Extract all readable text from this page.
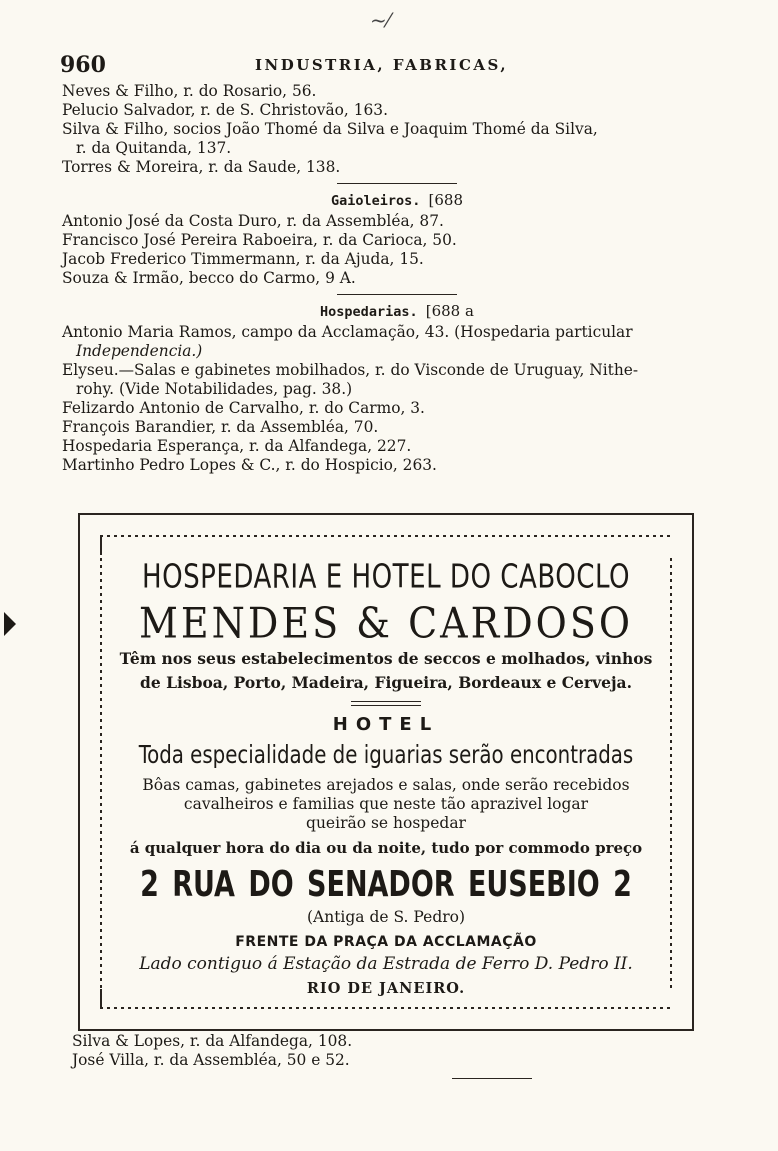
~⁄
960	INDUSTRIA, FABRICAS,
Neves & Filho, r. do Rosario, 56.
Pelucio Salvador, r. de S. Christovão, 163.
Silva & Filho, socios João Thomé da Silva e Joaquim Thomé da Silva,
r. da Quitanda, 137.
Torres & Moreira, r. da Saude, 138.
Gaioleiros. [688
Antonio José da Costa Duro, r. da Assembléa, 87.
Francisco José Pereira Raboeira, r. da Carioca, 50.
Jacob Frederico Timmermann, r. da Ajuda, 15.
Souza & Irmão, becco do Carmo, 9 A.
Hospedarias. [688 a
Antonio Maria Ramos, campo da Acclamação, 43. (Hospedaria particular
Independencia.)
Elyseu.—Salas e gabinetes mobilhados, r. do Visconde de Uruguay, Nithe-
rohy. (Vide Notabilidades, pag. 38.)
Felizardo Antonio de Carvalho, r. do Carmo, 3.
François Barandier, r. da Assembléa, 70.
Hospedaria Esperança, r. da Alfandega, 227.
Martinho Pedro Lopes & C., r. do Hospicio, 263.
HOSPEDARIA E HOTEL DO CABOCLO
MENDES & CARDOSO
Têm nos seus estabelecimentos de seccos e molhados, vinhos
de Lisboa, Porto, Madeira, Figueira, Bordeaux e Cerveja.
HOTEL
Toda especialidade de iguarias serão encontradas
Bôas camas, gabinetes arejados e salas, onde serão recebidos
cavalheiros e familias que neste tão aprazivel logar
queirão se hospedar
á qualquer hora do dia ou da noite, tudo por commodo preço
2 RUA DO SENADOR EUSEBIO 2
(Antiga de S. Pedro)
FRENTE DA PRAÇA DA ACCLAMAÇÃO
Lado contiguo á Estação da Estrada de Ferro D. Pedro II.
RIO DE JANEIRO.
Silva & Lopes, r. da Alfandega, 108.
José Villa, r. da Assembléa, 50 e 52.
